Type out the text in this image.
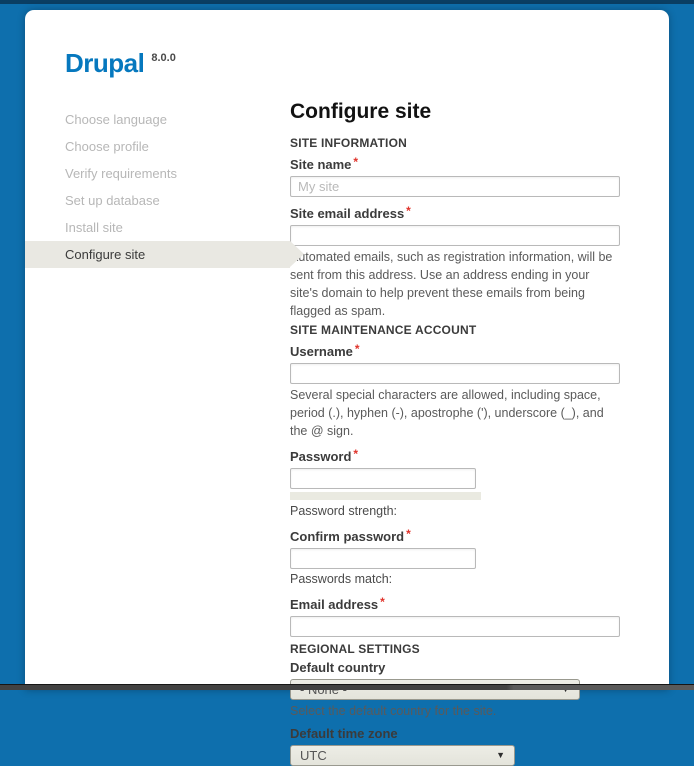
Drupal $^{8.0.0}$
Choose language
Choose profile
Verify requirements
Set up database
Install site
Configure site
Configure site
SITE INFORMATION
Site name *
My site
Site email address *
Automated emails, such as registration information, will be sent from this address. Use an address ending in your site's domain to help prevent these emails from being flagged as spam.
SITE MAINTENANCE ACCOUNT
Username *
Several special characters are allowed, including space, period (.), hyphen (-), apostrophe ('), underscore (_), and the @ sign.
Password *
Password strength:
Confirm password *
Passwords match:
Email address *
REGIONAL SETTINGS
Default country
Select the default country for the site.
Default time zone
UTC	▼
